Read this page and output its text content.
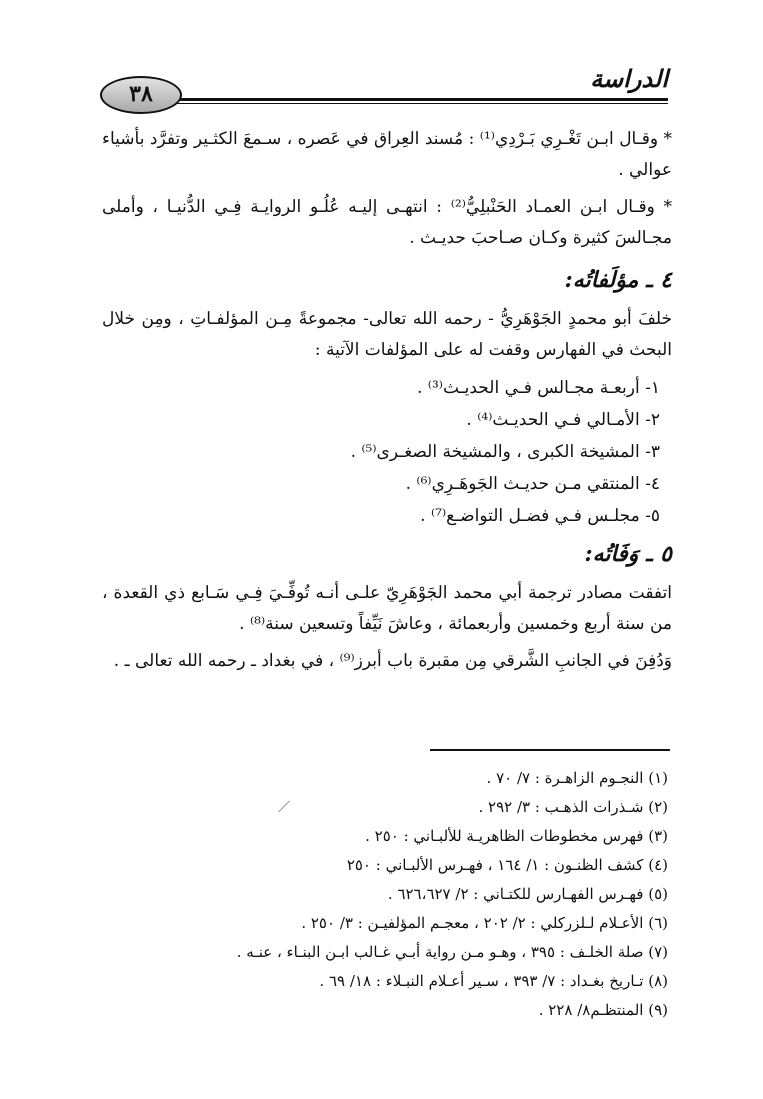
٣٨
الدراسة

* وقـال ابـن تَغْـرِي بَـرْدِي⁽¹⁾ : مُسند العِراق في عَصره ، سـمعَ الكثـير وتفرَّد بأشياء عوالي .

* وقـال ابـن العمـاد الحَنْبلِيُّ⁽²⁾ : انتهـى إليـه عُلُـو الروايـة فِـي الدُّنيـا ، وأملى مجـالسَ كثيرة وكـان صـاحبَ حديـث .

٤ ـ مؤلَفاتُه:

خلفَ أبو محمدٍ الجَوْهَرِيُّ - رحمه الله تعالى- مجموعةً مِـن المؤلفـاتِ ، ومِن خلال البحث في الفهارس وقفت له على المؤلفات الآتية :

١- أربعـة مجـالس فـي الحديـث⁽³⁾ .
٢- الأمـالي فـي الحديـث⁽⁴⁾ .
٣- المشيخة الكبرى ، والمشيخة الصغـرى⁽⁵⁾ .
٤- المنتقي مـن حديـث الجَوهَـرِي⁽⁶⁾ .
٥- مجلـس فـي فضـل التواضـع⁽⁷⁾ .
٥ ـ وَفَاتُه:

اتفقت مصادر ترجمة أبي محمد الجَوْهَرِيّ علـى أنـه تُوفِّـيَ فِـي سَـابع ذي القعدة ، من سنة أربع وخمسين وأربعمائة ، وعاشَ نَيِّفاً وتسعين سنة⁽⁸⁾ .

وَدُفِنَ في الجانبِ الشَّرقي مِن مقبرة باب أبرز⁽⁹⁾ ، في بغداد ـ رحمه الله تعالى ـ .

(١) النجـوم الزاهـرة : ٧/ ٧٠ .
(٢) شـذرات الذهـب : ٣/ ٢٩٢ .
(٣) فهرس مخطوطات الظاهريـة للألبـاني : ٢٥٠ .
(٤) كشف الظنـون : ١/ ١٦٤ ، فهـرس الألبـاني : ٢٥٠
(٥) فهـرس الفهـارس للكتـاني : ٢/ ٦٢٦،٦٢٧ .
(٦) الأعـلام لـلزركلي : ٢/ ٢٠٢ ، معجـم المؤلفيـن : ٣/ ٢٥٠ .
(٧) صلة الخلـف : ٣٩٥ ، وهـو مـن رواية أبـي غـالب ابـن البنـاء ، عنـه .
(٨) تـاريخ بغـداد : ٧/ ٣٩٣ ، سـير أعـلام النبـلاء : ١٨/ ٦٩ .
(٩) المنتظـم٨/ ٢٢٨ .
